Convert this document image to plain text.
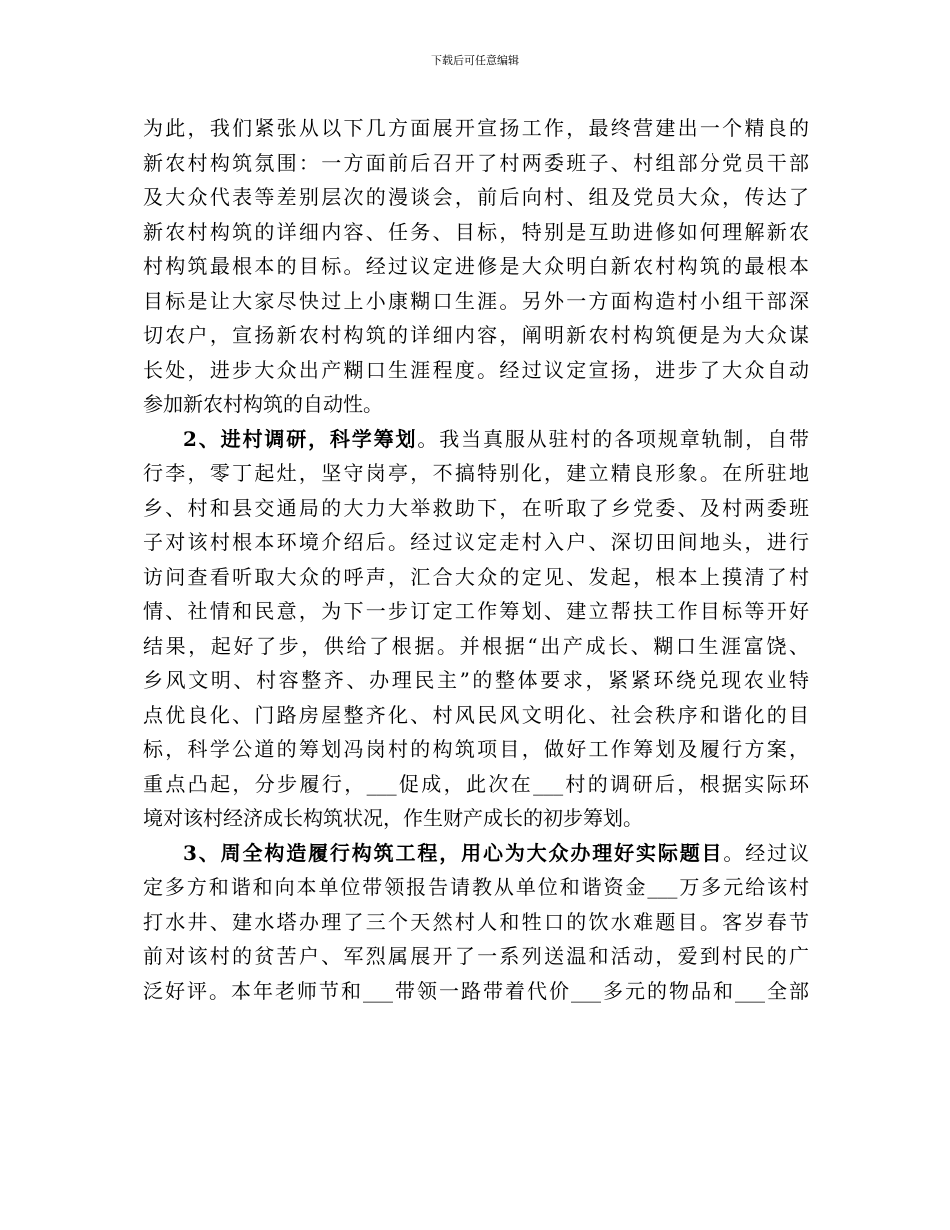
下载后可任意编辑
为此，我们紧张从以下几方面展开宣扬工作，最终营建出一个精良的
新农村构筑氛围：一方面前后召开了村两委班子、村组部分党员干部
及大众代表等差别层次的漫谈会，前后向村、组及党员大众，传达了
新农村构筑的详细内容、任务、目标，特别是互助进修如何理解新农
村构筑最根本的目标。经过议定进修是大众明白新农村构筑的最根本
目标是让大家尽快过上小康糊口生涯。另外一方面构造村小组干部深
切农户，宣扬新农村构筑的详细内容，阐明新农村构筑便是为大众谋
长处，进步大众出产糊口生涯程度。经过议定宣扬，进步了大众自动
参加新农村构筑的自动性。
2、进村调研，科学筹划。我当真服从驻村的各项规章轨制，自带
行李，零丁起灶，坚守岗亭，不搞特别化，建立精良形象。在所驻地
乡、村和县交通局的大力大举救助下，在听取了乡党委、及村两委班
子对该村根本环境介绍后。经过议定走村入户、深切田间地头，进行
访问查看听取大众的呼声，汇合大众的定见、发起，根本上摸清了村
情、社情和民意，为下一步订定工作筹划、建立帮扶工作目标等开好
结果，起好了步，供给了根据。并根据“出产成长、糊口生涯富饶、
乡风文明、村容整齐、办理民主”的整体要求，紧紧环绕兑现农业特
点优良化、门路房屋整齐化、村风民风文明化、社会秩序和谐化的目
标，科学公道的筹划冯岗村的构筑项目，做好工作筹划及履行方案，
重点凸起，分步履行，___促成，此次在___村的调研后，根据实际环
境对该村经济成长构筑状况，作生财产成长的初步筹划。
3、周全构造履行构筑工程，用心为大众办理好实际题目。经过议
定多方和谐和向本单位带领报告请教从单位和谐资金___万多元给该村
打水井、建水塔办理了三个天然村人和牲口的饮水难题目。客岁春节
前对该村的贫苦户、军烈属展开了一系列送温和活动，爱到村民的广
泛好评。本年老师节和___带领一路带着代价___多元的物品和___全部
